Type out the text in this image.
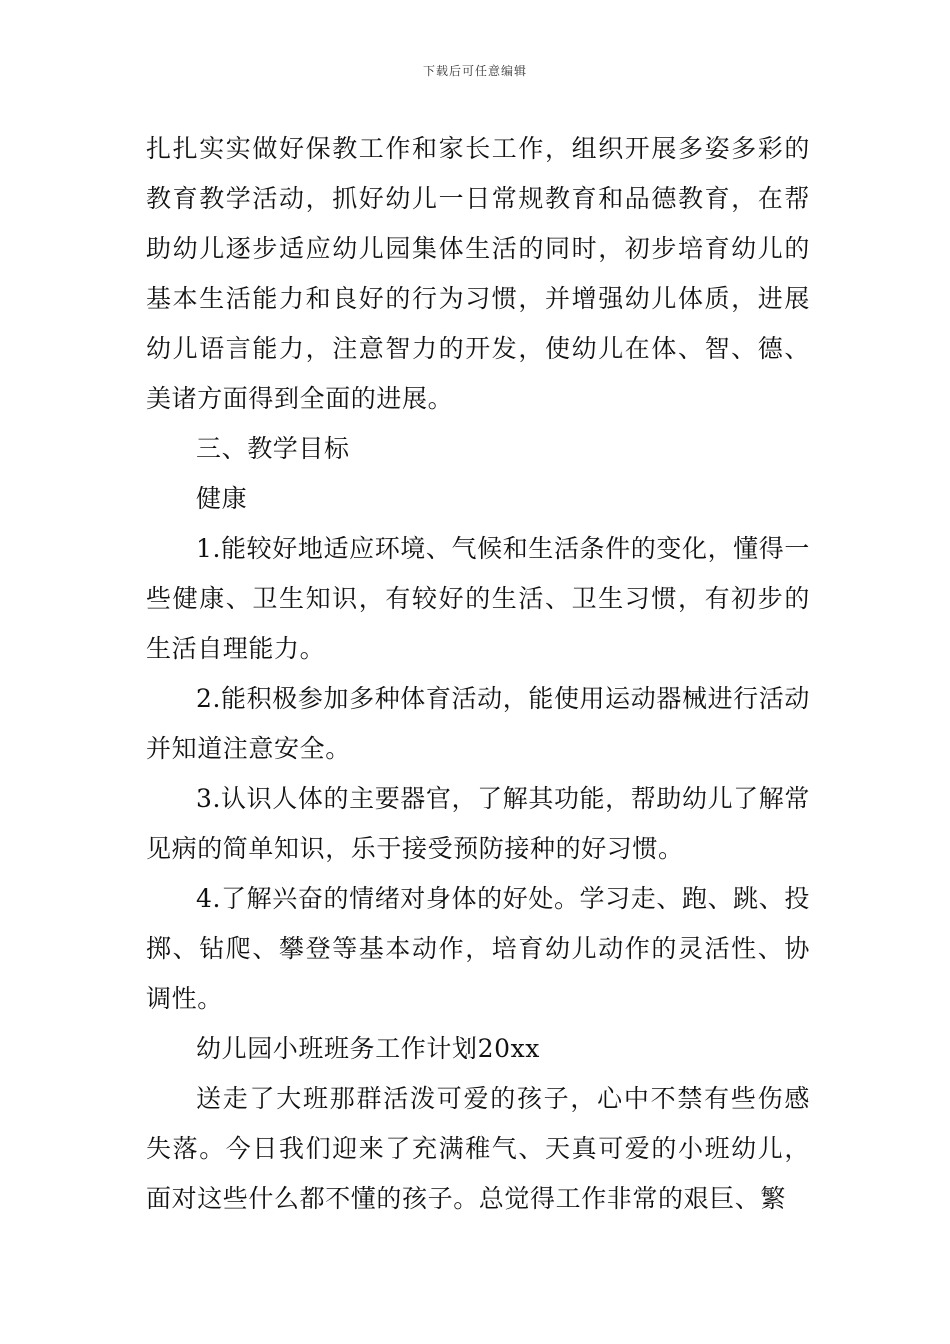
下载后可任意编辑

扎扎实实做好保教工作和家长工作，组织开展多姿多彩的教育教学活动，抓好幼儿一日常规教育和品德教育，在帮助幼儿逐步适应幼儿园集体生活的同时，初步培育幼儿的基本生活能力和良好的行为习惯，并增强幼儿体质，进展幼儿语言能力，注意智力的开发，使幼儿在体、智、德、美诸方面得到全面的进展。

三、教学目标

健康

1.能较好地适应环境、气候和生活条件的变化，懂得一些健康、卫生知识，有较好的生活、卫生习惯，有初步的生活自理能力。

2.能积极参加多种体育活动，能使用运动器械进行活动并知道注意安全。

3.认识人体的主要器官，了解其功能，帮助幼儿了解常见病的简单知识，乐于接受预防接种的好习惯。

4.了解兴奋的情绪对身体的好处。学习走、跑、跳、投掷、钻爬、攀登等基本动作，培育幼儿动作的灵活性、协调性。

幼儿园小班班务工作计划20xx

送走了大班那群活泼可爱的孩子，心中不禁有些伤感失落。今日我们迎来了充满稚气、天真可爱的小班幼儿，面对这些什么都不懂的孩子。总觉得工作非常的艰巨、繁
